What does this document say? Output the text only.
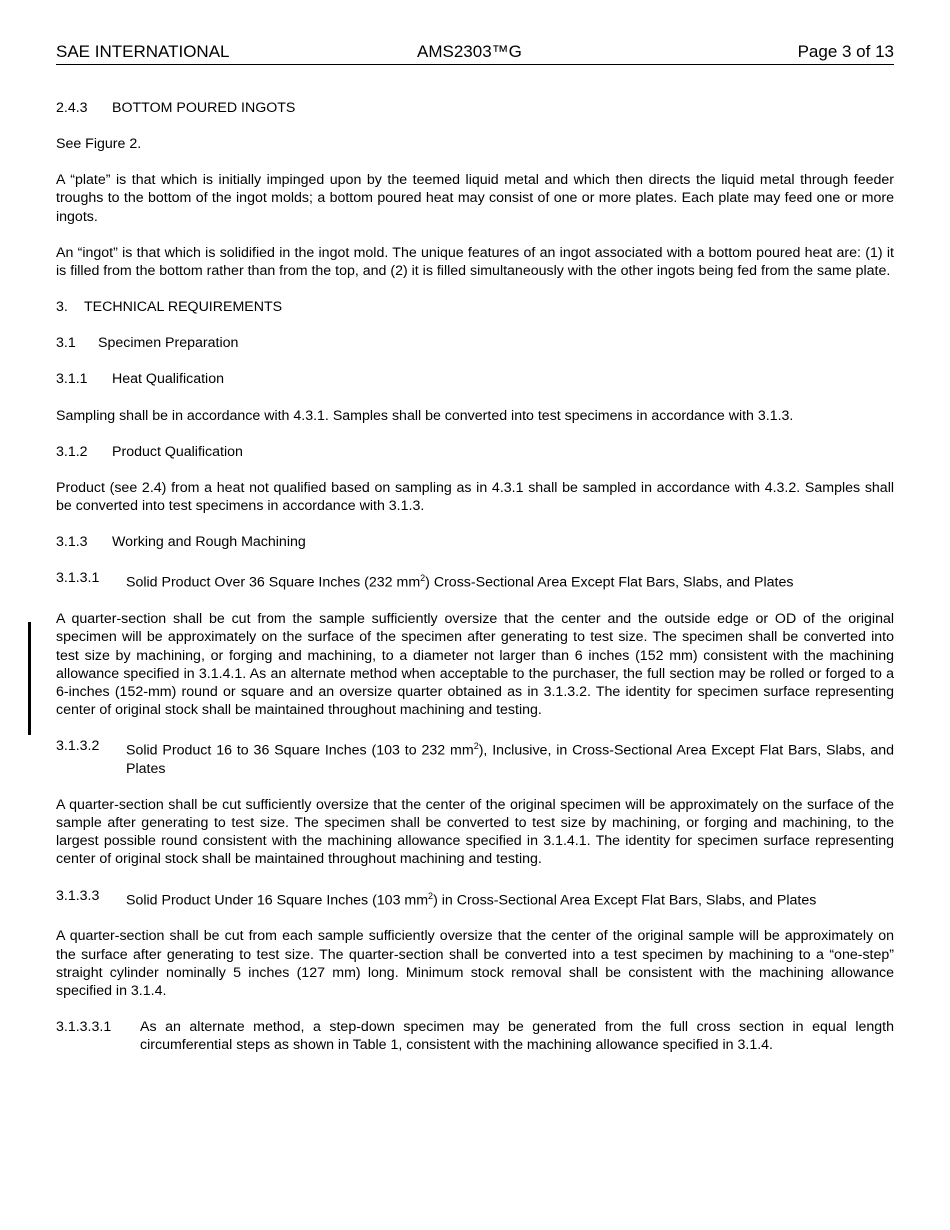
SAE INTERNATIONAL	AMS2303™G	Page 3 of 13
2.4.3	BOTTOM POURED INGOTS

See Figure 2.

A “plate” is that which is initially impinged upon by the teemed liquid metal and which then directs the liquid metal through feeder troughs to the bottom of the ingot molds; a bottom poured heat may consist of one or more plates. Each plate may feed one or more ingots.

An “ingot” is that which is solidified in the ingot mold. The unique features of an ingot associated with a bottom poured heat are: (1) it is filled from the bottom rather than from the top, and (2) it is filled simultaneously with the other ingots being fed from the same plate.

3.	TECHNICAL REQUIREMENTS
3.1	Specimen Preparation
3.1.1	Heat Qualification

Sampling shall be in accordance with 4.3.1. Samples shall be converted into test specimens in accordance with 3.1.3.

3.1.2	Product Qualification

Product (see 2.4) from a heat not qualified based on sampling as in 4.3.1 shall be sampled in accordance with 4.3.2. Samples shall be converted into test specimens in accordance with 3.1.3.

3.1.3	Working and Rough Machining
3.1.3.1	Solid Product Over 36 Square Inches (232 $mm^2$) Cross-Sectional Area Except Flat Bars, Slabs, and Plates

A quarter-section shall be cut from the sample sufficiently oversize that the center and the outside edge or OD of the original specimen will be approximately on the surface of the specimen after generating to test size. The specimen shall be converted into test size by machining, or forging and machining, to a diameter not larger than 6 inches (152 mm) consistent with the machining allowance specified in 3.1.4.1. As an alternate method when acceptable to the purchaser, the full section may be rolled or forged to a 6-inches (152-mm) round or square and an oversize quarter obtained as in 3.1.3.2. The identity for specimen surface representing center of original stock shall be maintained throughout machining and testing.

3.1.3.2	Solid Product 16 to 36 Square Inches (103 to 232 $mm^2$), Inclusive, in Cross-Sectional Area Except Flat Bars, Slabs, and Plates

A quarter-section shall be cut sufficiently oversize that the center of the original specimen will be approximately on the surface of the sample after generating to test size. The specimen shall be converted to test size by machining, or forging and machining, to the largest possible round consistent with the machining allowance specified in 3.1.4.1. The identity for specimen surface representing center of original stock shall be maintained throughout machining and testing.

3.1.3.3	Solid Product Under 16 Square Inches (103 $mm^2$) in Cross-Sectional Area Except Flat Bars, Slabs, and Plates

A quarter-section shall be cut from each sample sufficiently oversize that the center of the original sample will be approximately on the surface after generating to test size. The quarter-section shall be converted into a test specimen by machining to a “one-step” straight cylinder nominally 5 inches (127 mm) long. Minimum stock removal shall be consistent with the machining allowance specified in 3.1.4.

3.1.3.3.1	As an alternate method, a step-down specimen may be generated from the full cross section in equal length circumferential steps as shown in Table 1, consistent with the machining allowance specified in 3.1.4.
